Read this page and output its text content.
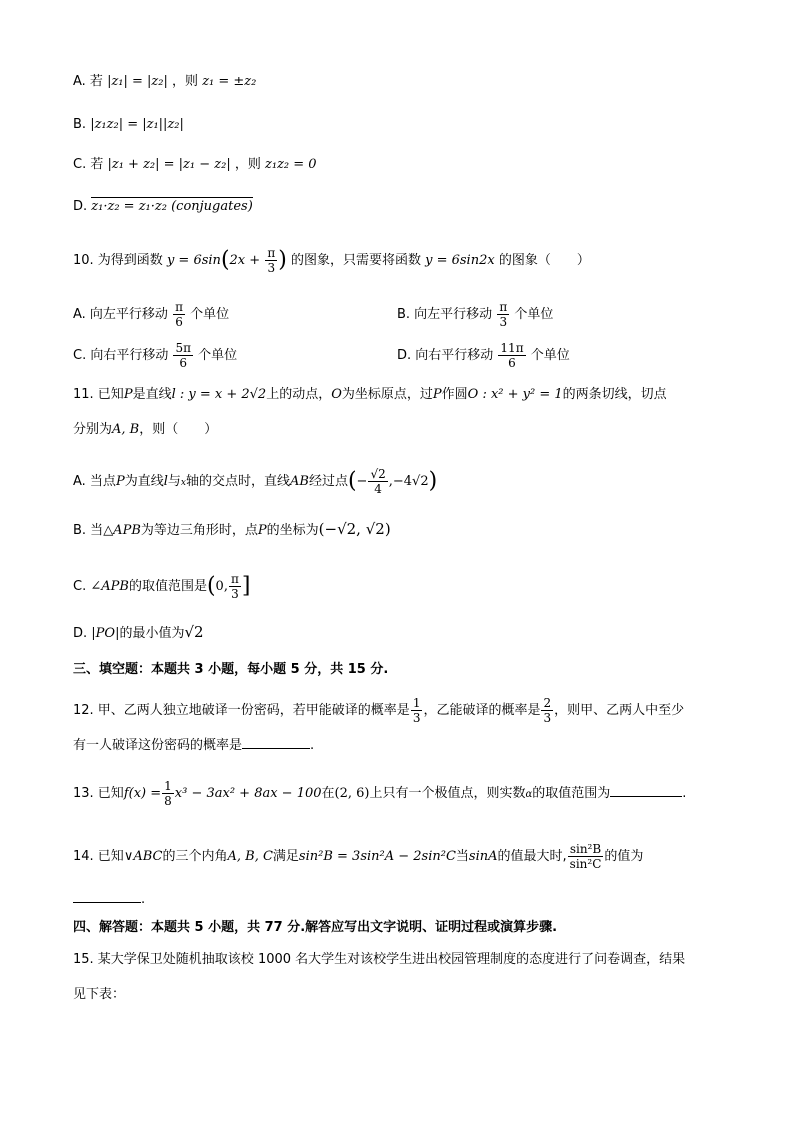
A. 若 |z₁| = |z₂| ，则 z₁ = ±z₂
B. |z₁z₂| = |z₁||z₂|
C. 若 |z₁ + z₂| = |z₁ − z₂| ，则 z₁z₂ = 0
D. z₁·z₂ = z₁·z₂ (conjugates)
10. 为得到函数 $y = 6\sin(2x + \frac{\pi}{3}$ ) 的图象，只需要将函数 y = 6sin2x 的图象（　　）
A. 向左平行移动 $\frac{\pi}{6}$ 个单位	B. 向左平行移动 $\frac{\pi}{3}$ 个单位
C. 向右平行移动 $\frac{5\pi}{6}$ 个单位	D. 向右平行移动 $\frac{11\pi}{6}$ 个单位
11. 已知P是直线l : y = x + 2√2上的动点，O为坐标原点，过P作圆O : x² + y² = 1的两条切线，切点
分别为A, B，则（　　）
A. 当点P为直线l与x轴的交点时，直线AB经过点(− $\frac{√2}{4} ,-4√2$)
B. 当△APB为等边三角形时，点P的坐标为(−√2, √2)
C. ∠APB的取值范围是(0, $\frac{\pi}{3}$ ]
D. |PO|的最小值为√2
三、填空题：本题共 3 小题，每小题 5 分，共 15 分.
12. 甲、乙两人独立地破译一份密码，若甲能破译的概率是 $\frac{1}{3}$ ，乙能破译的概率是 $\frac{2}{3}$ ，则甲、乙两人中至少
有一人破译这份密码的概率是	.
13. 已知$f(x) = \frac{1}{8} x^3 - 3ax^2 + 8ax - 100$在(2, 6)上只有一个极值点，则实数α的取值范围为	.
14. 已知∨ABC的三个内角A, B, C满足sin²B = 3sin²A − 2sin²C当sinA的值最大时, $\frac{\text{sin²B}}{\text{sin²C}}$ 的值为
.
四、解答题：本题共 5 小题，共 77 分.解答应写出文字说明、证明过程或演算步骤.
15. 某大学保卫处随机抽取该校 1000 名大学生对该校学生进出校园管理制度的态度进行了问卷调查，结果
见下表：
